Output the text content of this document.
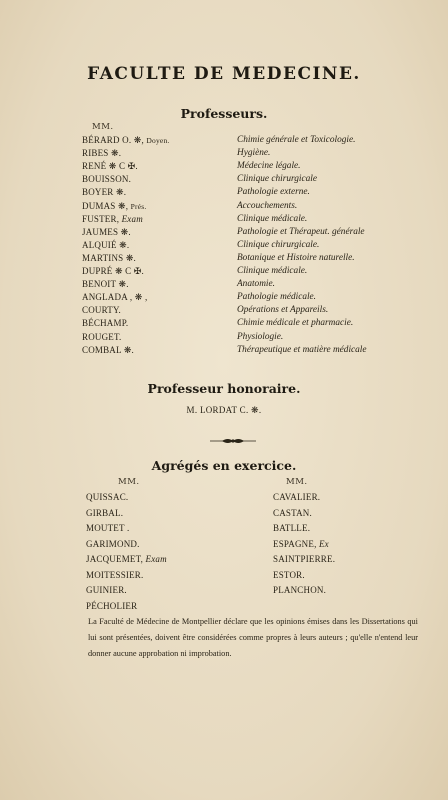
FACULTE DE MEDECINE.
Professeurs.
MM.
BÉRARD O. ❋, Doyen.	Chimie générale et Toxicologie.
RIBES ❋.	Hygiène.
RENÉ ❋ C ✠.	Médecine légale.
BOUISSON.	Clinique chirurgicale
BOYER ❋.	Pathologie externe.
DUMAS ❋, Prés.	Accouchements.
FUSTER, Exam	Clinique médicale.
JAUMES ❋.	Pathologie et Thérapeut. générale
ALQUIÉ ❋.	Clinique chirurgicale.
MARTINS ❋.	Botanique et Histoire naturelle.
DUPRÉ ❋ C ✠.	Clinique médicale.
BENOIT ❋.	Anatomie.
ANGLADA , ❋ ,	Pathologie médicale.
COURTY.	Opérations et Appareils.
BÉCHAMP.	Chimie médicale et pharmacie.
ROUGET.	Physiologie.
COMBAL ❋.	Thérapeutique et matière médicale
Professeur honoraire.
M. LORDAT C. ❋.
Agrégés en exercice.
MM.	MM.
QUISSAC.
GIRBAL.
MOUTET .
GARIMOND.
JACQUEMET, Exam
MOITESSIER.
GUINIER.
PÉCHOLIER
CAVALIER.
CASTAN.
BATLLE.
ESPAGNE, Ex
SAINTPIERRE.
ESTOR.
PLANCHON.
La Faculté de Médecine de Montpellier déclare que les opinions émises dans les Dissertations qui lui sont présentées, doivent être considérées comme propres à leurs auteurs ; qu'elle n'entend leur donner aucune approbation ni improbation.
